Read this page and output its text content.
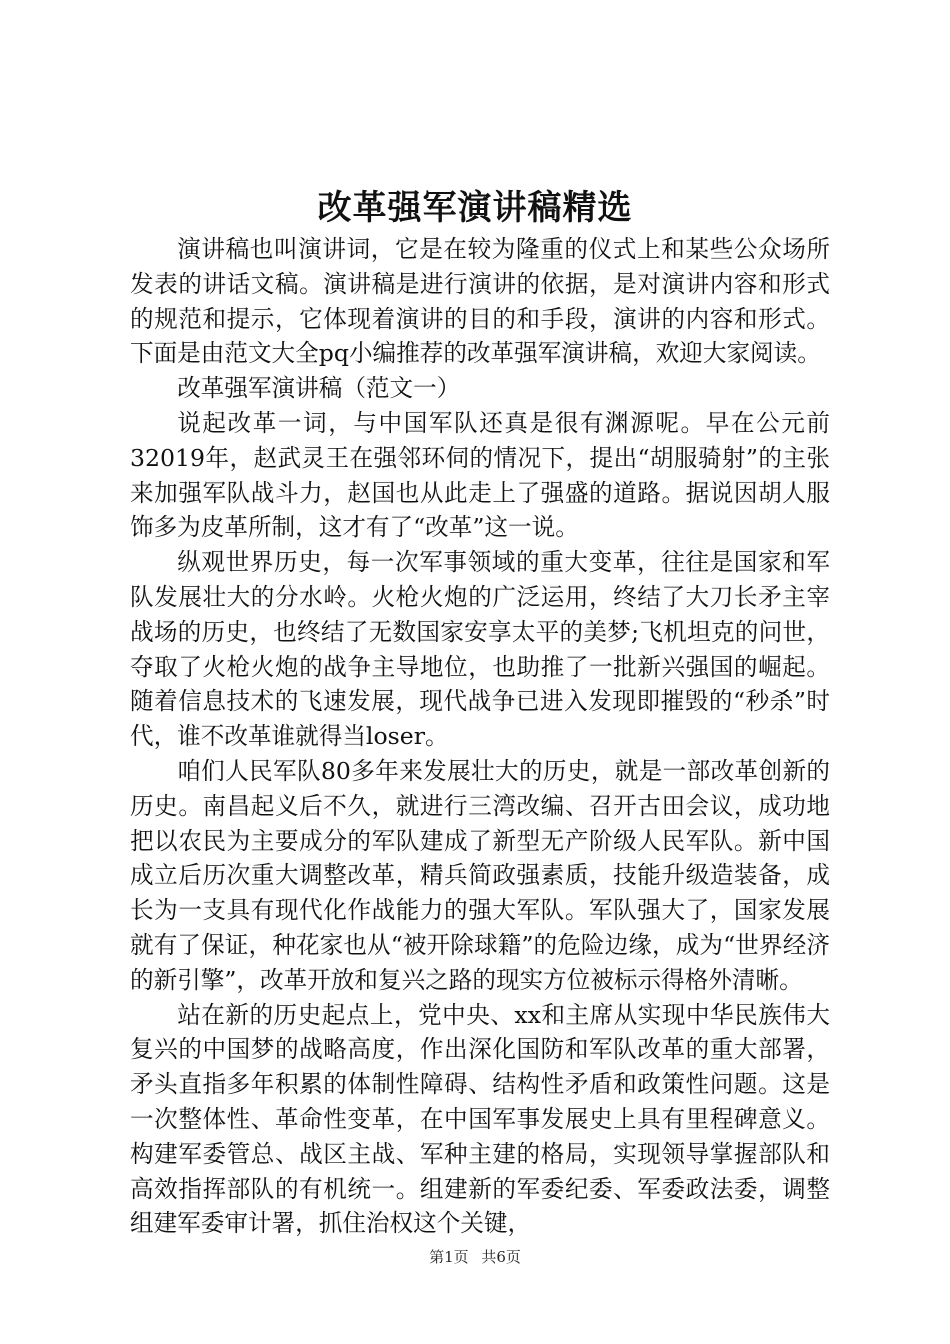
改革强军演讲稿精选

演讲稿也叫演讲词，它是在较为隆重的仪式上和某些公众场所发表的讲话文稿。演讲稿是进行演讲的依据，是对演讲内容和形式的规范和提示，它体现着演讲的目的和手段，演讲的内容和形式。下面是由范文大全pq小编推荐的改革强军演讲稿，欢迎大家阅读。

改革强军演讲稿（范文一）

说起改革一词，与中国军队还真是很有渊源呢。早在公元前32019年，赵武灵王在强邻环伺的情况下，提出“胡服骑射”的主张来加强军队战斗力，赵国也从此走上了强盛的道路。据说因胡人服饰多为皮革所制，这才有了“改革”这一说。

纵观世界历史，每一次军事领域的重大变革，往往是国家和军队发展壮大的分水岭。火枪火炮的广泛运用，终结了大刀长矛主宰战场的历史，也终结了无数国家安享太平的美梦;飞机坦克的问世，夺取了火枪火炮的战争主导地位，也助推了一批新兴强国的崛起。随着信息技术的飞速发展，现代战争已进入发现即摧毁的“秒杀”时代，谁不改革谁就得当loser。

咱们人民军队80多年来发展壮大的历史，就是一部改革创新的历史。南昌起义后不久，就进行三湾改编、召开古田会议，成功地把以农民为主要成分的军队建成了新型无产阶级人民军队。新中国成立后历次重大调整改革，精兵简政强素质，技能升级造装备，成长为一支具有现代化作战能力的强大军队。军队强大了，国家发展就有了保证，种花家也从“被开除球籍”的危险边缘，成为“世界经济的新引擎”，改革开放和复兴之路的现实方位被标示得格外清晰。

站在新的历史起点上，党中央、xx和主席从实现中华民族伟大复兴的中国梦的战略高度，作出深化国防和军队改革的重大部署，矛头直指多年积累的体制性障碍、结构性矛盾和政策性问题。这是一次整体性、革命性变革，在中国军事发展史上具有里程碑意义。构建军委管总、战区主战、军种主建的格局，实现领导掌握部队和高效指挥部队的有机统一。组建新的军委纪委、军委政法委，调整组建军委审计署，抓住治权这个关键，

第1页 共6页
